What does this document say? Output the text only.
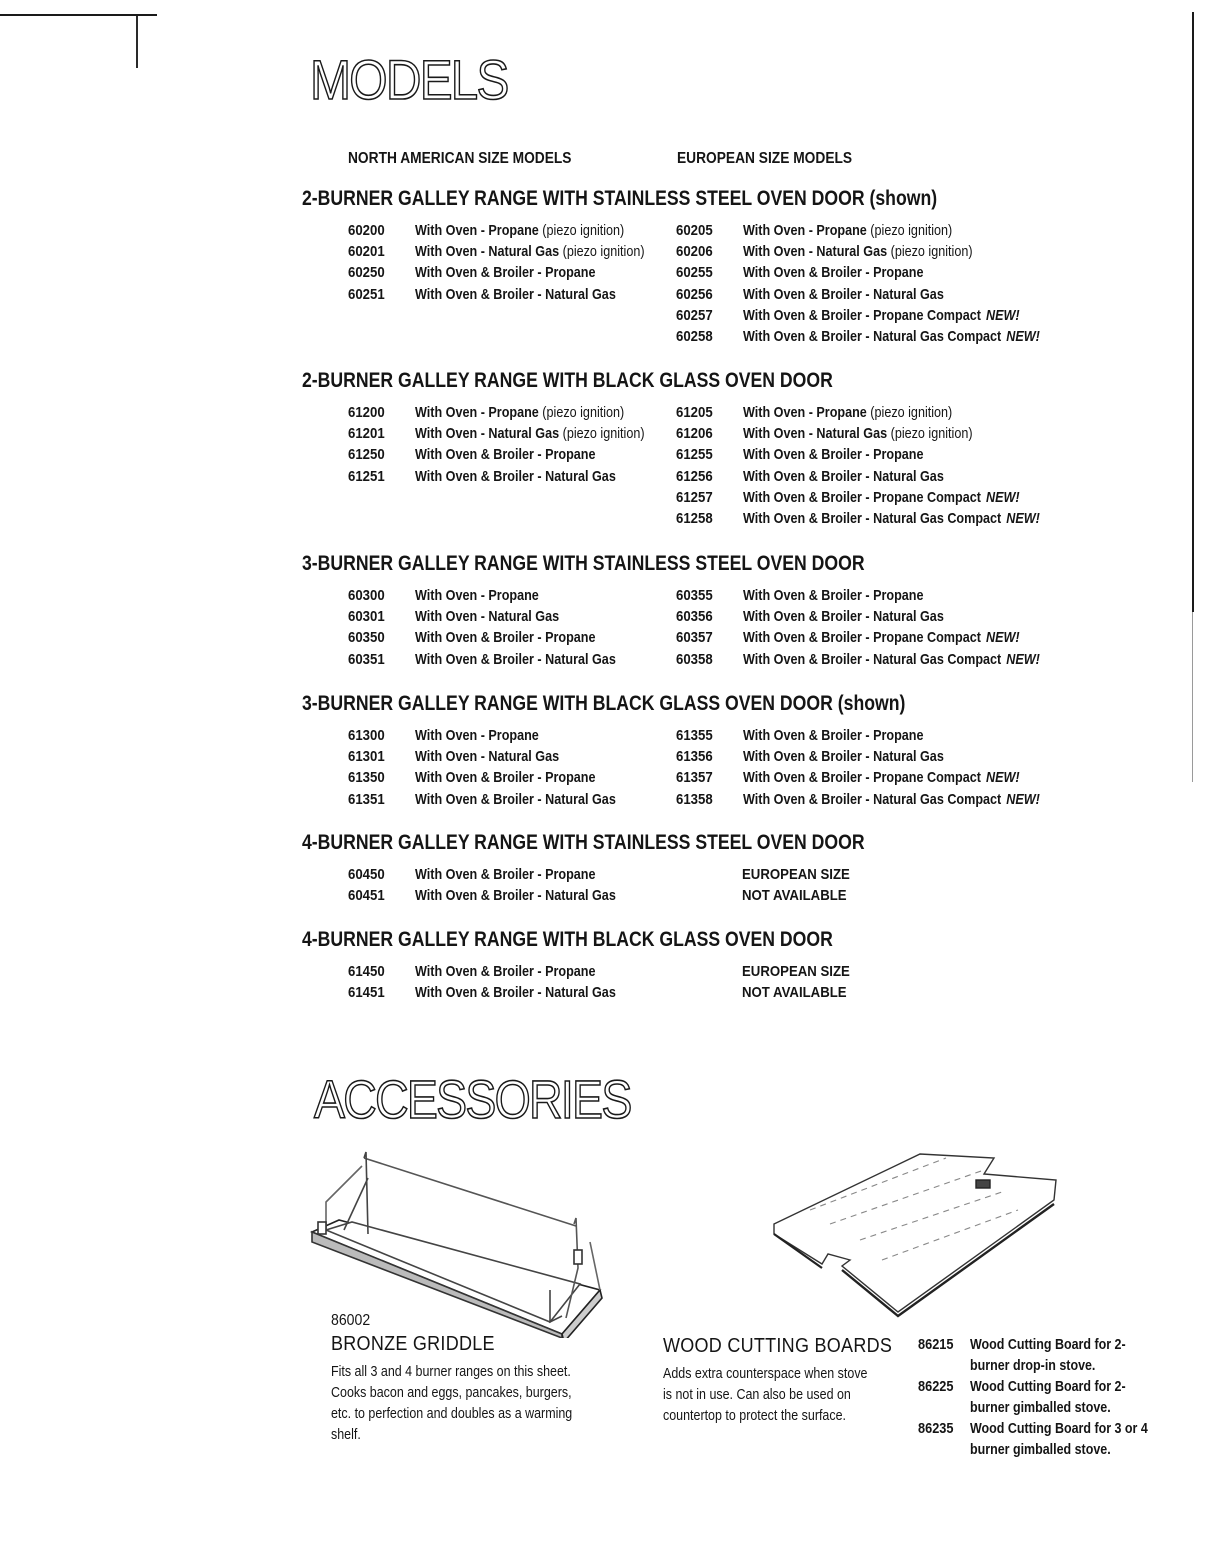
MODELS
NORTH AMERICAN SIZE MODELS	EUROPEAN SIZE MODELS
2-BURNER GALLEY RANGE WITH STAINLESS STEEL OVEN DOOR (shown)
60200 With Oven - Propane (piezo ignition)
60201 With Oven - Natural Gas (piezo ignition)
60250 With Oven & Broiler - Propane
60251 With Oven & Broiler - Natural Gas
60205 With Oven - Propane (piezo ignition)
60206 With Oven - Natural Gas (piezo ignition)
60255 With Oven & Broiler - Propane
60256 With Oven & Broiler - Natural Gas
60257 With Oven & Broiler - Propane Compact NEW!
60258 With Oven & Broiler - Natural Gas Compact NEW!
2-BURNER GALLEY RANGE WITH BLACK GLASS OVEN DOOR
61200 With Oven - Propane (piezo ignition)
61201 With Oven - Natural Gas (piezo ignition)
61250 With Oven & Broiler - Propane
61251 With Oven & Broiler - Natural Gas
61205 With Oven - Propane (piezo ignition)
61206 With Oven - Natural Gas (piezo ignition)
61255 With Oven & Broiler - Propane
61256 With Oven & Broiler - Natural Gas
61257 With Oven & Broiler - Propane Compact NEW!
61258 With Oven & Broiler - Natural Gas Compact NEW!
3-BURNER GALLEY RANGE WITH STAINLESS STEEL OVEN DOOR
60300 With Oven - Propane
60301 With Oven - Natural Gas
60350 With Oven & Broiler - Propane
60351 With Oven & Broiler - Natural Gas
60355 With Oven & Broiler - Propane
60356 With Oven & Broiler - Natural Gas
60357 With Oven & Broiler - Propane Compact NEW!
60358 With Oven & Broiler - Natural Gas Compact NEW!
3-BURNER GALLEY RANGE WITH BLACK GLASS OVEN DOOR (shown)
61300 With Oven - Propane
61301 With Oven - Natural Gas
61350 With Oven & Broiler - Propane
61351 With Oven & Broiler - Natural Gas
61355 With Oven & Broiler - Propane
61356 With Oven & Broiler - Natural Gas
61357 With Oven & Broiler - Propane Compact NEW!
61358 With Oven & Broiler - Natural Gas Compact NEW!
4-BURNER GALLEY RANGE WITH STAINLESS STEEL OVEN DOOR
60450 With Oven & Broiler - Propane
60451 With Oven & Broiler - Natural Gas
EUROPEAN SIZE
NOT AVAILABLE
4-BURNER GALLEY RANGE WITH BLACK GLASS OVEN DOOR
61450 With Oven & Broiler - Propane
61451 With Oven & Broiler - Natural Gas
EUROPEAN SIZE
NOT AVAILABLE
ACCESSORIES
86002
BRONZE GRIDDLE
Fits all 3 and 4 burner ranges on this sheet. Cooks bacon and eggs, pancakes, burgers, etc. to perfection and doubles as a warming shelf.
WOOD CUTTING BOARDS
Adds extra counterspace when stove is not in use. Can also be used on countertop to protect the surface.
86215 Wood Cutting Board for 2-burner drop-in stove.
86225 Wood Cutting Board for 2-burner gimballed stove.
86235 Wood Cutting Board for 3 or 4 burner gimballed stove.
